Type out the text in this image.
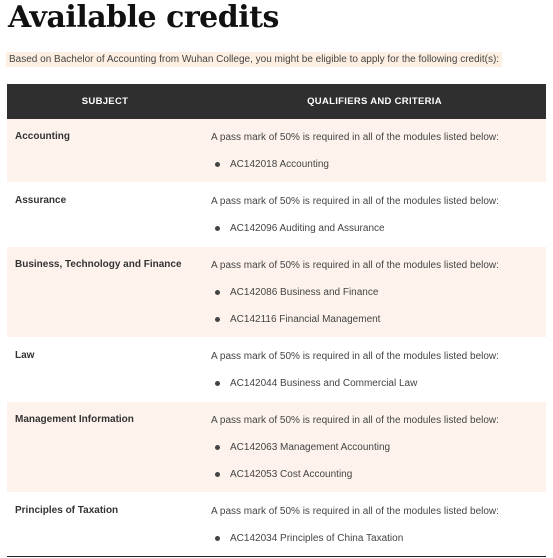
Available credits
Based on Bachelor of Accounting from Wuhan College, you might be eligible to apply for the following credit(s):
SUBJECT	QUALIFIERS AND CRITERIA
Accounting	A pass mark of 50% is required in all of the modules listed below:
AC142018 Accounting
Assurance	A pass mark of 50% is required in all of the modules listed below:
AC142096 Auditing and Assurance
Business, Technology and Finance	A pass mark of 50% is required in all of the modules listed below:
AC142086 Business and Finance
AC142116 Financial Management
Law	A pass mark of 50% is required in all of the modules listed below:
AC142044 Business and Commercial Law
Management Information	A pass mark of 50% is required in all of the modules listed below:
AC142063 Management Accounting
AC142053 Cost Accounting
Principles of Taxation	A pass mark of 50% is required in all of the modules listed below:
AC142034 Principles of China Taxation
